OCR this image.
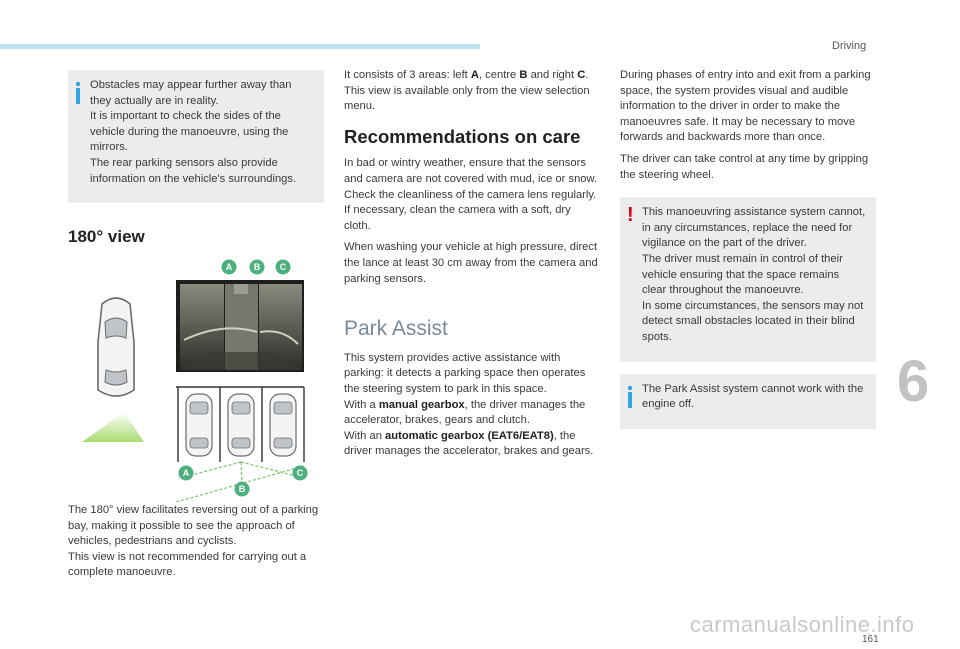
Driving

Obstacles may appear further away than they actually are in reality.
It is important to check the sides of the vehicle during the manoeuvre, using the mirrors.
The rear parking sensors also provide information on the vehicle's surroundings.

180° view
A B C
A
B
C
The 180° view facilitates reversing out of a parking bay, making it possible to see the approach of vehicles, pedestrians and cyclists.
This view is not recommended for carrying out a complete manoeuvre.

It consists of 3 areas: left A, centre B and right C.
This view is available only from the view selection menu.

Recommendations on care

In bad or wintry weather, ensure that the sensors and camera are not covered with mud, ice or snow.
Check the cleanliness of the camera lens regularly.
If necessary, clean the camera with a soft, dry cloth.

When washing your vehicle at high pressure, direct the lance at least 30 cm away from the camera and parking sensors.

Park Assist
This system provides active assistance with parking: it detects a parking space then operates the steering system to park in this space.
With a manual gearbox, the driver manages the accelerator, brakes, gears and clutch.
With an automatic gearbox (EAT6/EAT8), the driver manages the accelerator, brakes and gears.

During phases of entry into and exit from a parking space, the system provides visual and audible information to the driver in order to make the manoeuvres safe. It may be necessary to move forwards and backwards more than once.

The driver can take control at any time by gripping the steering wheel.

! This manoeuvring assistance system cannot, in any circumstances, replace the need for vigilance on the part of the driver.
The driver must remain in control of their vehicle ensuring that the space remains clear throughout the manoeuvre.
In some circumstances, the sensors may not detect small obstacles located in their blind spots.

The Park Assist system cannot work with the engine off.	6
carmanualsonline.info
161
